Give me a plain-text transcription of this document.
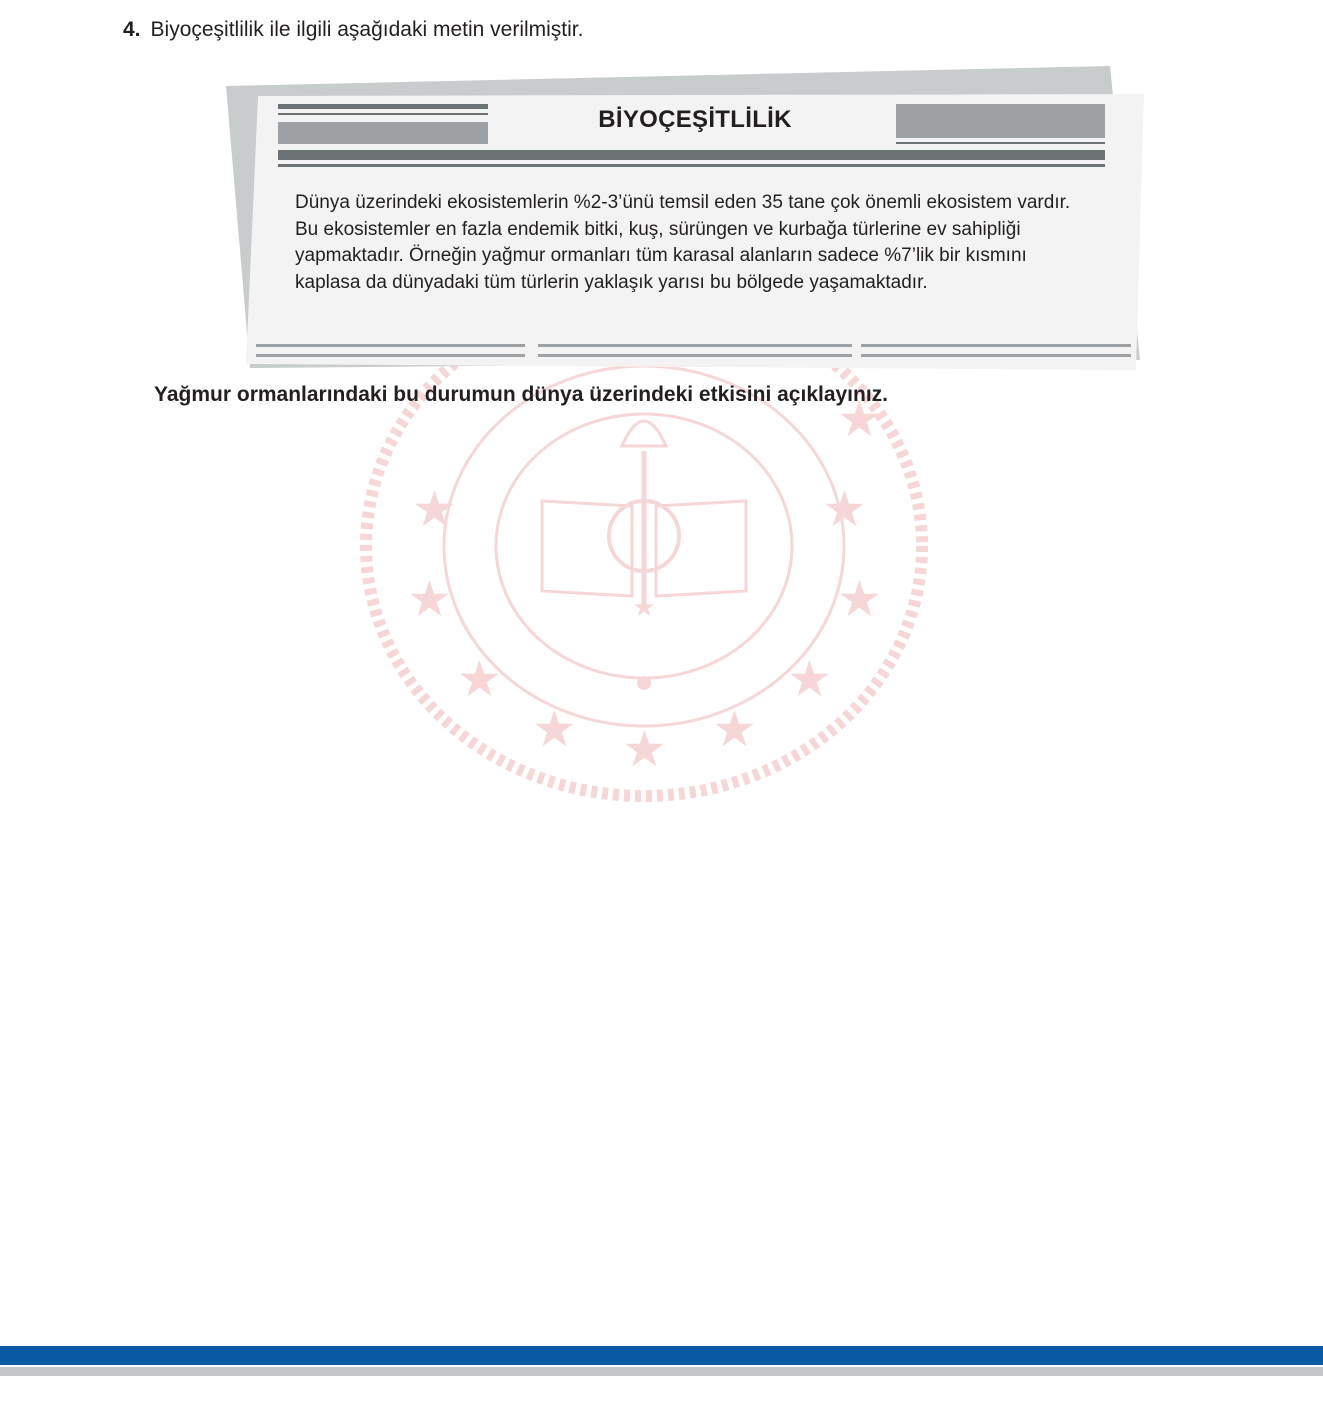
4. Biyoçeşitlilik ile ilgili aşağıdaki metin verilmiştir.
★
★	★
★	★
★	★
★ ★ ★
★
BİYOÇEŞİTLİLİK
Dünya üzerindeki ekosistemlerin %2-3’ünü temsil eden 35 tane çok önemli ekosistem vardır. Bu ekosistemler en fazla endemik bitki, kuş, sürüngen ve kurbağa türlerine ev sahipliği yapmaktadır. Örneğin yağmur ormanları tüm karasal alanların sadece %7’lik bir kısmını kaplasa da dünyadaki tüm türlerin yaklaşık yarısı bu bölgede yaşamaktadır.
Yağmur ormanlarındaki bu durumun dünya üzerindeki etkisini açıklayınız.
